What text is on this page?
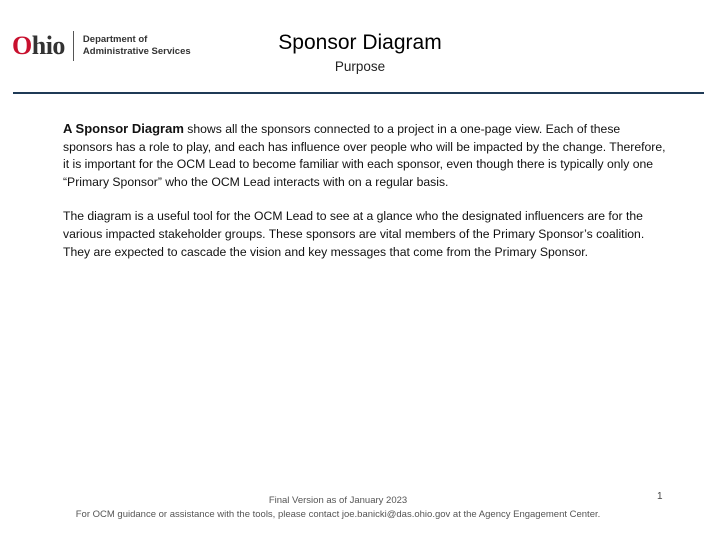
O hio Department of
Administrative Services	Sponsor Diagram
Purpose

A Sponsor Diagram shows all the sponsors connected to a project in a one-page view. Each of these sponsors has a role to play, and each has influence over people who will be impacted by the change. Therefore, it is important for the OCM Lead to become familiar with each sponsor, even though there is typically only one “Primary Sponsor” who the OCM Lead interacts with on a regular basis.

The diagram is a useful tool for the OCM Lead to see at a glance who the designated influencers are for the various impacted stakeholder groups. These sponsors are vital members of the Primary Sponsor’s coalition. They are expected to cascade the vision and key messages that come from the Primary Sponsor.

1
Final Version as of January 2023
For OCM guidance or assistance with the tools, please contact joe.banicki@das.ohio.gov at the Agency Engagement Center.
